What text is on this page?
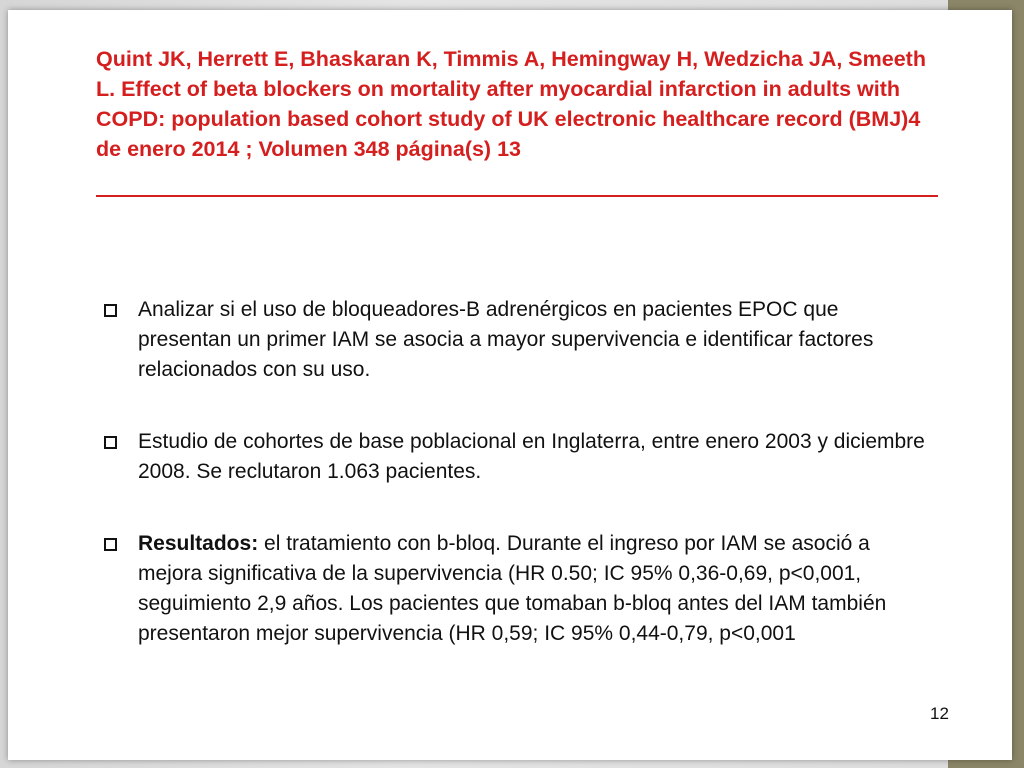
Quint JK, Herrett E, Bhaskaran K, Timmis A, Hemingway H, Wedzicha JA, Smeeth L. Effect of beta blockers on mortality after myocardial infarction in adults with COPD: population based cohort study of UK electronic healthcare record (BMJ)4 de enero 2014 ; Volumen 348 página(s) 13

Analizar si el uso de bloqueadores-B adrenérgicos en pacientes EPOC que presentan un primer IAM se asocia a mayor supervivencia e identificar factores relacionados con su uso.
Estudio de cohortes de base poblacional en Inglaterra, entre enero 2003 y diciembre 2008. Se reclutaron 1.063 pacientes.
Resultados: el tratamiento con b-bloq. Durante el ingreso por IAM se asoció a mejora significativa de la supervivencia (HR 0.50; IC 95% 0,36-0,69, p<0,001, seguimiento 2,9 años. Los pacientes que tomaban b-bloq antes del IAM también presentaron mejor supervivencia (HR 0,59; IC 95% 0,44-0,79, p<0,001
12
